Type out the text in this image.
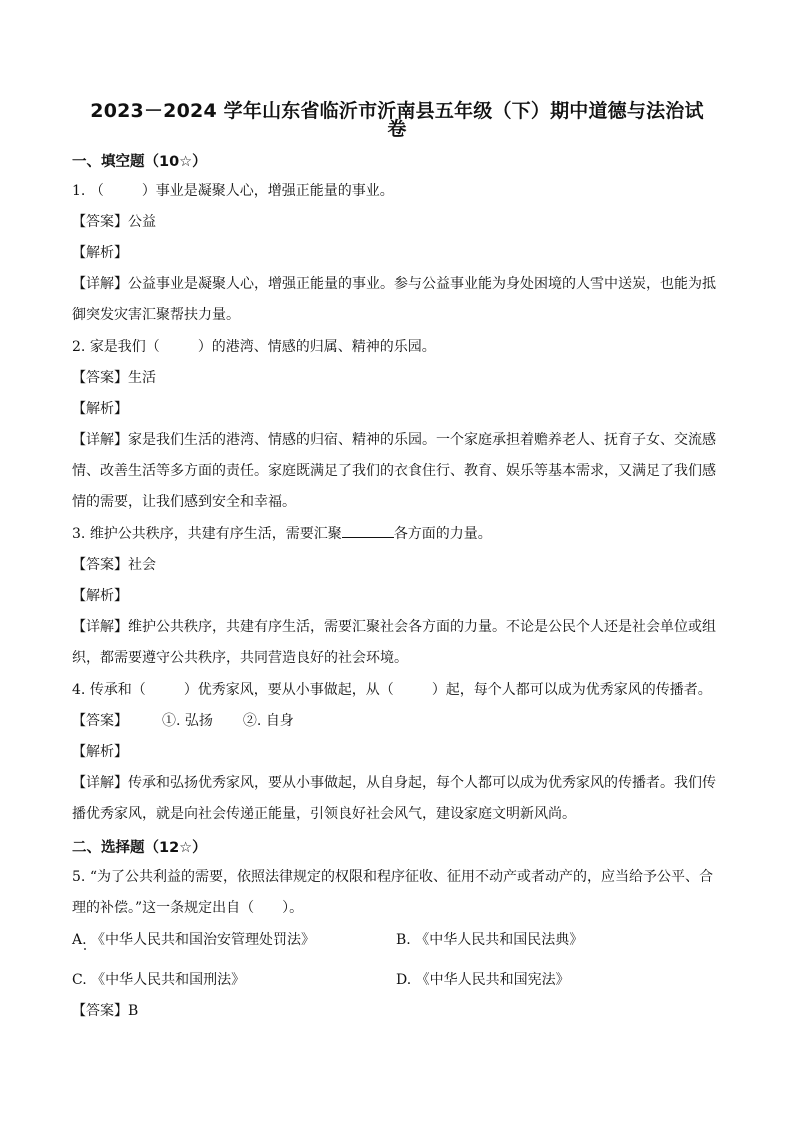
2023－2024 学年山东省临沂市沂南县五年级（下）期中道德与法治试
卷
一、填空题（10☆）

1. （	）事业是凝聚人心，增强正能量的事业。

【答案】公益

【解析】

【详解】公益事业是凝聚人心，增强正能量的事业。参与公益事业能为身处困境的人雪中送炭，也能为抵

御突发灾害汇聚帮扶力量。

2. 家是我们（	）的港湾、情感的归属、精神的乐园。

【答案】生活

【解析】

【详解】家是我们生活的港湾、情感的归宿、精神的乐园。一个家庭承担着赡养老人、抚育子女、交流感

情、改善生活等多方面的责任。家庭既满足了我们的衣食住行、教育、娱乐等基本需求，又满足了我们感

情的需要，让我们感到安全和幸福。

3. 维护公共秩序，共建有序生活，需要汇聚	各方面的力量。

【答案】社会

【解析】

【详解】维护公共秩序，共建有序生活，需要汇聚社会各方面的力量。不论是公民个人还是社会单位或组

织，都需要遵守公共秩序，共同营造良好的社会环境。

4. 传承和（	）优秀家风，要从小事做起，从（	）起，每个人都可以成为优秀家风的传播者。

【答案】 ①. 弘扬 ②. 自身

【解析】

【详解】传承和弘扬优秀家风，要从小事做起，从自身起，每个人都可以成为优秀家风的传播者。我们传

播优秀家风，就是向社会传递正能量，引领良好社会风气，建设家庭文明新风尚。

二、选择题（12☆）

5. “为了公共利益的需要，依照法律规定的权限和程序征收、征用不动产或者动产的，应当给予公平、合

理的补偿。”这一条规定出自（　　）。

A. 《中华人民共和国治安管理处罚法》	B. 《中华人民共和国民法典》

C. 《中华人民共和国刑法》	D. 《中华人民共和国宪法》

【答案】B
